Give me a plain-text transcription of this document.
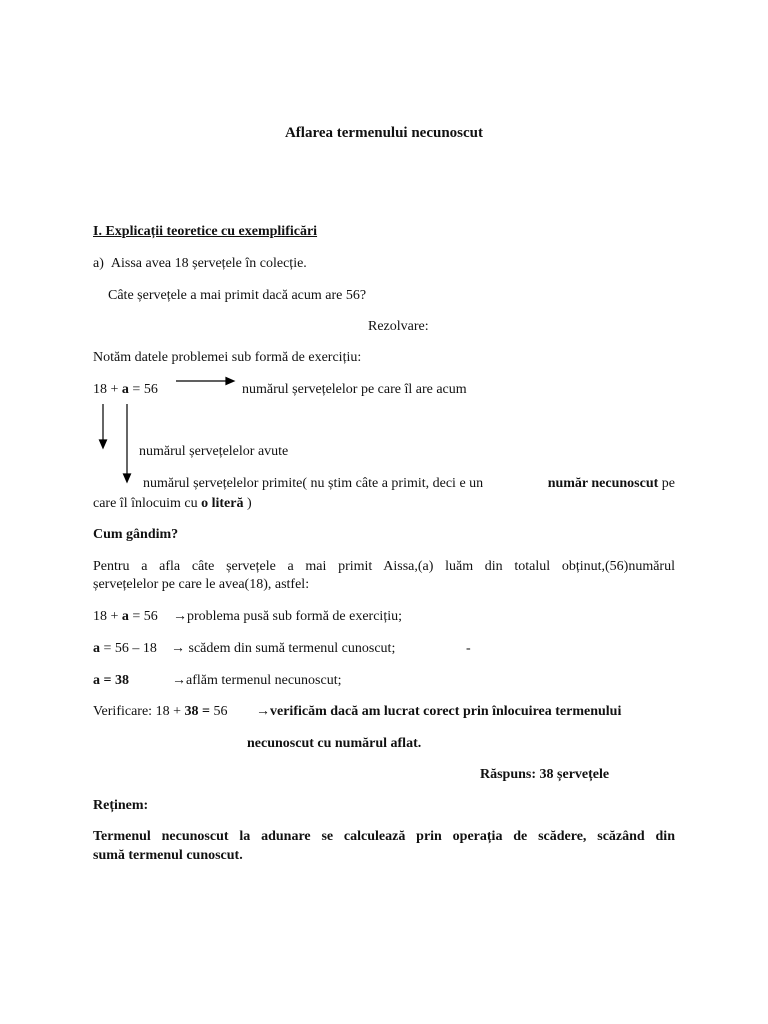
Aflarea termenului necunoscut
I. Explicații teoretice cu exemplificări
a) Aissa avea 18 șervețele în colecție.
Câte șervețele a mai primit dacă acum are 56?
Rezolvare:
Notăm datele problemei sub formă de exercițiu:
18 + a = 56	numărul șervețelelor pe care îl are acum
numărul șervețelelor avute
numărul șervețelelor primite( nu știm câte a primit, deci e un	număr necunoscut pe
care îl înlocuim cu o literă )
Cum gândim?
Pentru a afla câte șervețele a mai primit Aissa,(a) luăm din totalul obținut,(56)numărul
șervețelelor pe care le avea(18), astfel:
18 + a = 56 →problema pusă sub formă de exercițiu;
a = 56 – 18 → scădem din sumă termenul cunoscut;	-
a = 38	→aflăm termenul necunoscut;
Verificare: 18 + 38 = 56 →verificăm dacă am lucrat corect prin înlocuirea termenului
necunoscut cu numărul aflat.
Răspuns: 38 șervețele
Reținem:
Termenul necunoscut la adunare se calculează prin operația de scădere, scăzând din
sumă termenul cunoscut.
